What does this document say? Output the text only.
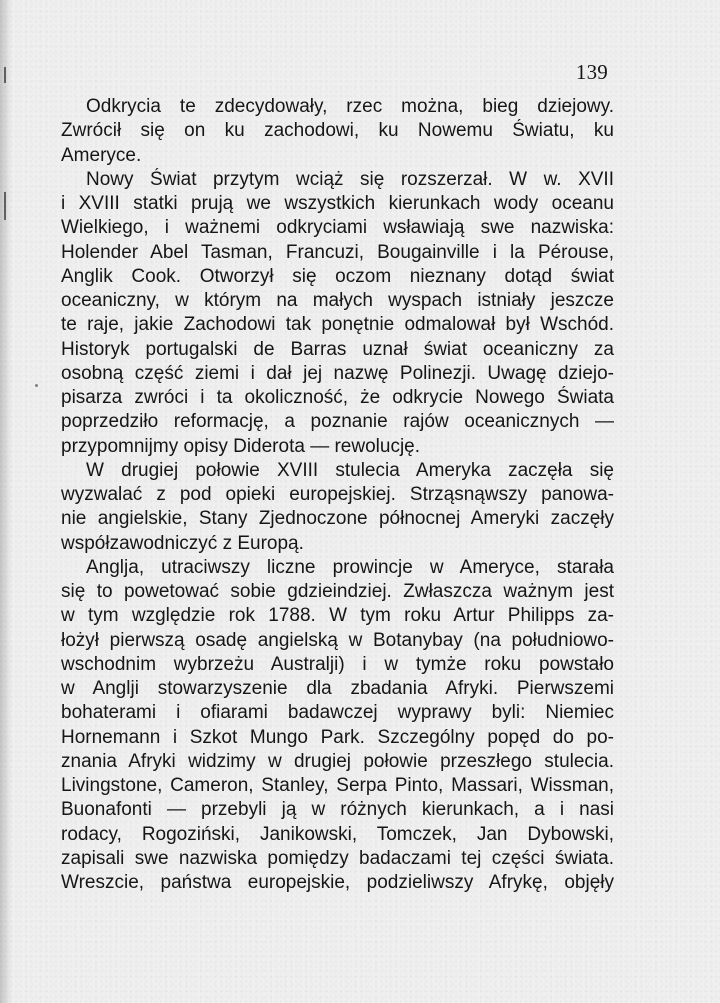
139
Odkrycia te zdecydowały, rzec można, bieg dziejowy.
Zwrócił się on ku zachodowi, ku Nowemu Światu, ku
Ameryce.
Nowy Świat przytym wciąż się rozszerzał. W w. XVII
i XVIII statki prują we wszystkich kierunkach wody oceanu
Wielkiego, i ważnemi odkryciami wsławiają swe nazwiska:
Holender Abel Tasman, Francuzi, Bougainville i la Pérouse,
Anglik Cook. Otworzył się oczom nieznany dotąd świat
oceaniczny, w którym na małych wyspach istniały jeszcze
te raje, jakie Zachodowi tak ponętnie odmalował był Wschód.
Historyk portugalski de Barras uznał świat oceaniczny za
osobną część ziemi i dał jej nazwę Polinezji. Uwagę dziejo-
pisarza zwróci i ta okoliczność, że odkrycie Nowego Świata
poprzedziło reformację, a poznanie rajów oceanicznych —
przypomnijmy opisy Diderota — rewolucję.
W drugiej połowie XVIII stulecia Ameryka zaczęła się
wyzwalać z pod opieki europejskiej. Strząsnąwszy panowa-
nie angielskie, Stany Zjednoczone północnej Ameryki zaczęły
współzawodniczyć z Europą.
Anglja, utraciwszy liczne prowincje w Ameryce, starała
się to powetować sobie gdzieindziej. Zwłaszcza ważnym jest
w tym względzie rok 1788. W tym roku Artur Philipps za-
łożył pierwszą osadę angielską w Botanybay (na południowo-
wschodnim wybrzeżu Australji) i w tymże roku powstało
w Anglji stowarzyszenie dla zbadania Afryki. Pierwszemi
bohaterami i ofiarami badawczej wyprawy byli: Niemiec
Hornemann i Szkot Mungo Park. Szczególny popęd do po-
znania Afryki widzimy w drugiej połowie przeszłego stulecia.
Livingstone, Cameron, Stanley, Serpa Pinto, Massari, Wissman,
Buonafonti — przebyli ją w różnych kierunkach, a i nasi
rodacy, Rogoziński, Janikowski, Tomczek, Jan Dybowski,
zapisali swe nazwiska pomiędzy badaczami tej części świata.
Wreszcie, państwa europejskie, podzieliwszy Afrykę, objęły
